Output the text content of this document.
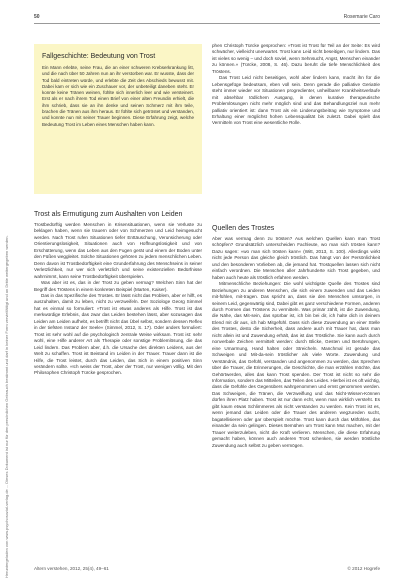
Heruntergeladen von www.psychosozial-verlag.de ... Dieses Dokument ist nur für den persönlichen Gebrauch bestimmt und darf in keiner Form vervielfältigt und an Dritte weitergegeben werden.
50	Rosemarie Caro
Fallgeschichte: Bedeutung von Trost

Ein Mann erlebte, seine Frau, die an einer schweren Krebserkrankung litt, und die nach über 50 Jahren nun an ihr verstorben war. Er wusste, dass der Tod bald eintreten würde, und erlebte die Zeit des Abschieds bewusst mit. Dabei kam er sich wie ein Zuschauer vor, der unbeteiligt daneben steht. Er konnte keine Tränen weinen, fühlte sich innerlich leer und wie versteinert. Erst als er nach ihrem Tod einen Brief von einer alten Freundin erhielt, die ihm schrieb, dass sie an ihn denke und seinen Schmerz mit ihm teile, brachen die Tränen aus ihm heraus. Er fühlte sich getröstet und verstanden, und konnte nun mit seiner Trauer beginnen. Diese Erfahrung zeigt, welche Bedeutung Trost im Leben eines Menschen haben kann.

Trost als Ermutigung zum Aushalten von Leiden

Trostbedürftig werden Menschen in Krisensituationen, wenn sie Verluste zu beklagen haben, wenn sie trauern oder von Schmerzen und Leid heimgesucht werden. Nach Trost rufen Situationen tiefer Enttäuschung, Verunsicherung oder Orientierungslosigkeit, Situationen auch von Hoffnungslosigkeit und von Erschütterung, wenn das Leben aus den Fugen gerät und einem der Boden unter den Füßen weggleitet. Solche Situationen gehören zu jedem menschlichen Leben. Denn davon ist Trostbedürftigkeit eine Grunderfahrung des Menschseins in seiner Verletzlichkeit, nur wer sich verletzlich und seine existenziellen Bedürfnisse wahrnimmt, kann seine Trostbedürftigkeit überspielen.

Was aber ist es, das in der Trost zu geben vermag? Welchen Sinn hat der Begriff des Tröstens in einem konkreten Beispiel (Marten, Kaiser).

Das in das Spezifische des Trostes. Er lässt nicht das Problem, aber er hilft, es auszuhalten, damit zu leben, nicht zu verzweifeln. Der Soziologe Georg Simmel hat es einmal so formuliert: »Trost ist etwas anderes als Hilfe. Trost ist das merkwürdige Erlebnis, das zwar das Leiden bestehen lässt, aber sozusagen das Leiden am Leiden aufhebt, es betrifft nicht das Übel selbst, sondern dessen Reflex in der tiefsten Instanz der Seele« (Simmel, 2012, S. 17). Oder anders formuliert: Trost ist sehr wohl auf die psychologisch zentrale Weise wirksam. Trost ist: sehr wohl, eine Hilfe anderer Art als Therapie oder sonstige Problemlösung, die das Leid lindern. Das Problem aber, d.h. die Ursache des direkten Leidens, aus der Welt zu schaffen. Trost ist Beistand im Leiden in der Trauer. Trauer dann ist die Hilfe, die Trost leistet, durch das Leiden, das Sich in einem positiven Sinn verändern sollte. »Ich weiss der Trost, aber der Trost, nur wenigen völlig. Mit den Philosophen Christoph Türcke gesprochen.

phen Christoph Türcke gesprochen: »Trost ist Trost für Teil an der Seite: Es wird schwächer, vielleicht unerwartet. Trost kann Leid nicht beseitigen, nur lindern. Das ist vieles so wenig – und doch soviel, wenn Sehnsucht, Angst, Menschen einander zu können.« (Türcke, 2008, S. 46). Dazu beruht die tiefe Menschlichkeit des Tröstens.

Das Trost Leid nicht beseitigen, wohl aber lindern kann, macht ihn für die Lebensgefüge bedeutsam, eben voll sein. Denn gerade die palliative Geriatrie steht immer wieder vor Situationen progredienter, unheilbarer Krankheitsverläufe mit absehbar tödlichem Ausgang, in denen kurative therapeutische Problemlösungen nicht mehr möglich sind und das Behandlungsziel nun mehr palliativ orientiert ist: dann Trost als ein Linderungsbeitrag wie Symptome und Erhaltung einer möglichst hohen Lebensqualität bis zuletzt. Dabei spielt das Vermitteln von Trost eine wesentliche Rolle.

Quellen des Trostes

Aber was vermag denn zu trösten? Aus welchen Quellen kann man Trost schöpfen? Grundsätzlich unterscheiden Fachleute, wo man sich trösten kann? Dazu sagen: »wo man sich trösten kann« (Witt, 2013, S. 100). Allerdings wirkt nicht jede Person das gleiche gleich tröstlich. Das hängt von der Persönlichkeit und den besonderen Vorlieben ab, die jemand hat. Trostquellen lassen sich nicht einfach verordnen. Die Menschen aller Jahrhunderte sich Trost gegeben, und haben auch heute als tröstlich erfahren werden.

Mitmenschliche Beziehungen: Die wohl wichtigste Quelle des Trostes sind Beziehungen zu anderen Menschen, die sich einem zuwenden und das Leiden mit-fühlen, mit-tragen. Das spricht an, dass sie den Menschen umsorgen, in seinem Leid, gegenwärtig sind, Dabei gibt es ganz verschiedene Formen, anderen durch Formen das Tröstens zu vermitteln. Was primär zählt, ist die Zuwendung, die Nähe, das Mit-sein, das spürbar ist, ich bin bei dir, ich halte dich in deinem Elend mit dir aus, ich hab Mitgefühl. Dass sich diese Zuwendung an einer Stelle des Trostes, desto die Sicherheit, dass andere auch mit Trauer hat, dass man nicht allein ist und Zuwendung erhält, das ist das Tröstliche. Sie kann auch durch nonverbale Zeichen vermittelt werden: durch Blicke, Gesten und Berührungen, eine Umarmung, Hand halten oder Streicheln. Manchmal ist gerade das Schweigen und Mit-da-sein tröstlicher als viele Worte. Zuwendung und Verständnis, das Gefühl, verstanden und angenommen zu werden, das Sprechen über die Trauer, die Erinnerungen, die Geschichte, die man erzählen möchte, das Gehörtwerden, alles das kann Trost spenden. Der Trost ist nicht so sehr die Information, sondern das Mitteilen, das Teilen des Leides. Hierbei ist es oft wichtig, dass die Gefühle des Gegenübers wahrgenommen und ernst genommen werden. Das Schweigen, die Tränen, die Verzweiflung und das Nicht-Wissen-Können dürfen ihren Platz haben. Trost ist nur dann echt, wenn man wirklich versteht. Es gibt kaum etwas Schlimmeres als nicht verstanden zu werden. Kein Trost ist es, wenn jemand das Leiden oder die Trauer des anderen wegzureden sucht, bagatellisieren oder gar überspielt möchte. Trost kann durch das Mitfühlen, das einander da sein gelingen. Dieses Bemühen um Trost kann Mut machen, mit der Trauer weiterzuleben, nicht die Kraft verlieren. Menschen, die diese Erfahrung gemacht haben, können auch anderen Trost schenken, sie werden tröstliche Zuwendung auch selbst zu geben vermögen.

Altern verstehen, 2012, 25(4), 49–61	© 2012 Hogrefe
